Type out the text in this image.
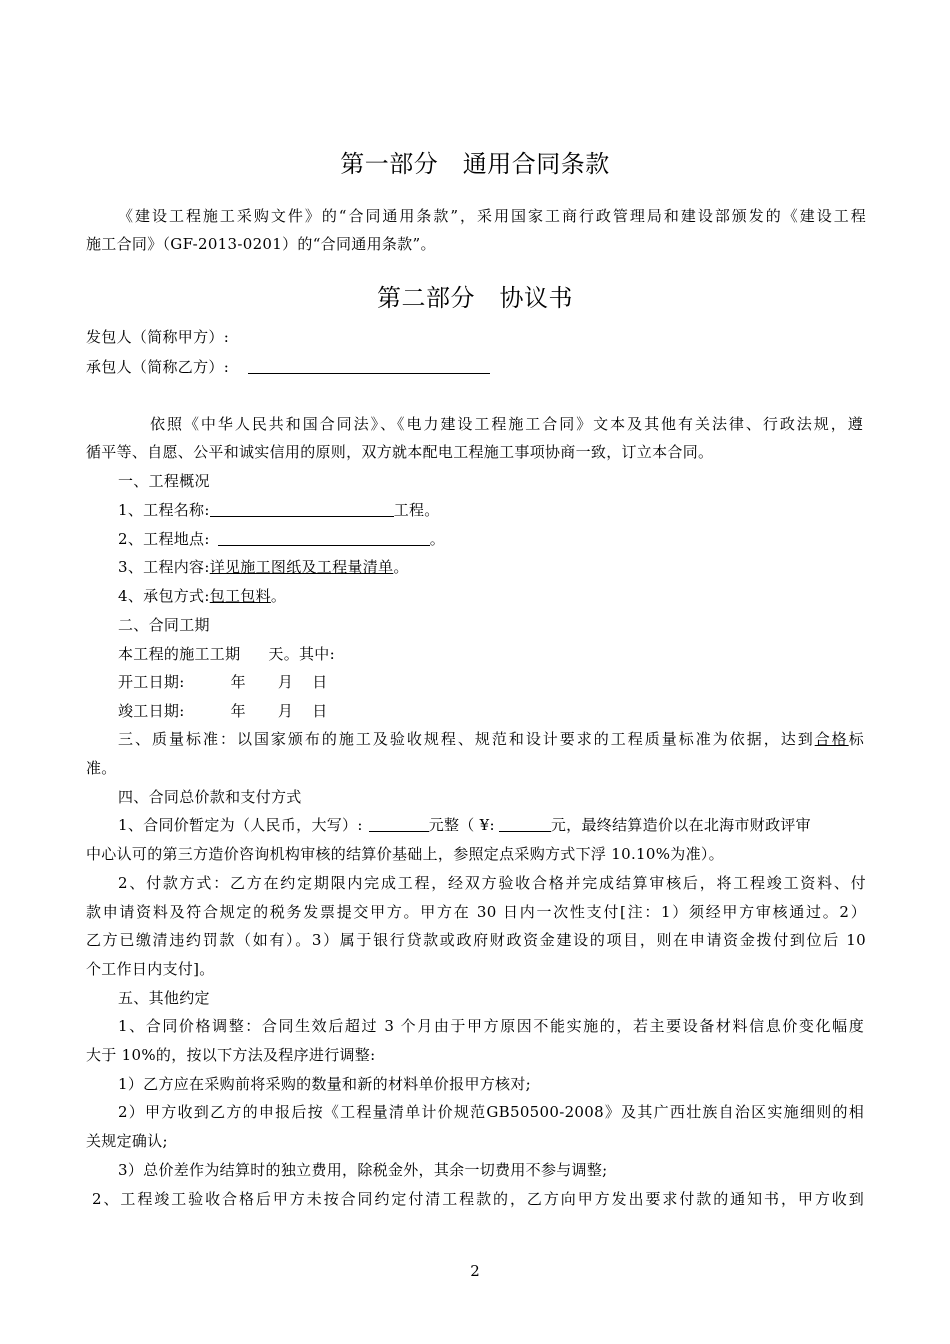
第一部分　通用合同条款
《建设工程施工采购文件》的“合同通用条款”，采用国家工商行政管理局和建设部颁发的《建设工程
施工合同》（GF-2013-0201）的“合同通用条款”。
第二部分　协议书
发包人（简称甲方）:
承包人（简称乙方）:
依照《中华人民共和国合同法》、《电力建设工程施工合同》文本及其他有关法律、行政法规，遵
循平等、自愿、公平和诚实信用的原则，双方就本配电工程施工事项协商一致，订立本合同。
一、工程概况
1、工程名称:	工程。
2、工程地点:	。
3、工程内容:详见施工图纸及工程量清单。
4、承包方式:包工包料。
二、合同工期
本工程的施工工期 天。其中:
开工日期:	年 月 日
竣工日期:	年 月 日
三、质量标准：以国家颁布的施工及验收规程、规范和设计要求的工程质量标准为依据，达到合格标
准。
四、合同总价款和支付方式
1、合同价暂定为（人民币，大写）:	元整（ ¥:	元，最终结算造价以在北海市财政评审
中心认可的第三方造价咨询机构审核的结算价基础上，参照定点采购方式下浮 10.10%为准）。
2、付款方式：乙方在约定期限内完成工程，经双方验收合格并完成结算审核后，将工程竣工资料、付
款申请资料及符合规定的税务发票提交甲方。甲方在 30 日内一次性支付[注：1）须经甲方审核通过。2）
乙方已缴清违约罚款（如有）。3）属于银行贷款或政府财政资金建设的项目，则在申请资金拨付到位后 10
个工作日内支付]。
五、其他约定
1、合同价格调整：合同生效后超过 3 个月由于甲方原因不能实施的，若主要设备材料信息价变化幅度
大于 10%的，按以下方法及程序进行调整:
1）乙方应在采购前将采购的数量和新的材料单价报甲方核对;
2）甲方收到乙方的申报后按《工程量清单计价规范GB50500-2008》及其广西壮族自治区实施细则的相
关规定确认;
3）总价差作为结算时的独立费用，除税金外，其余一切费用不参与调整;
2、工程竣工验收合格后甲方未按合同约定付清工程款的，乙方向甲方发出要求付款的通知书，甲方收到
2
